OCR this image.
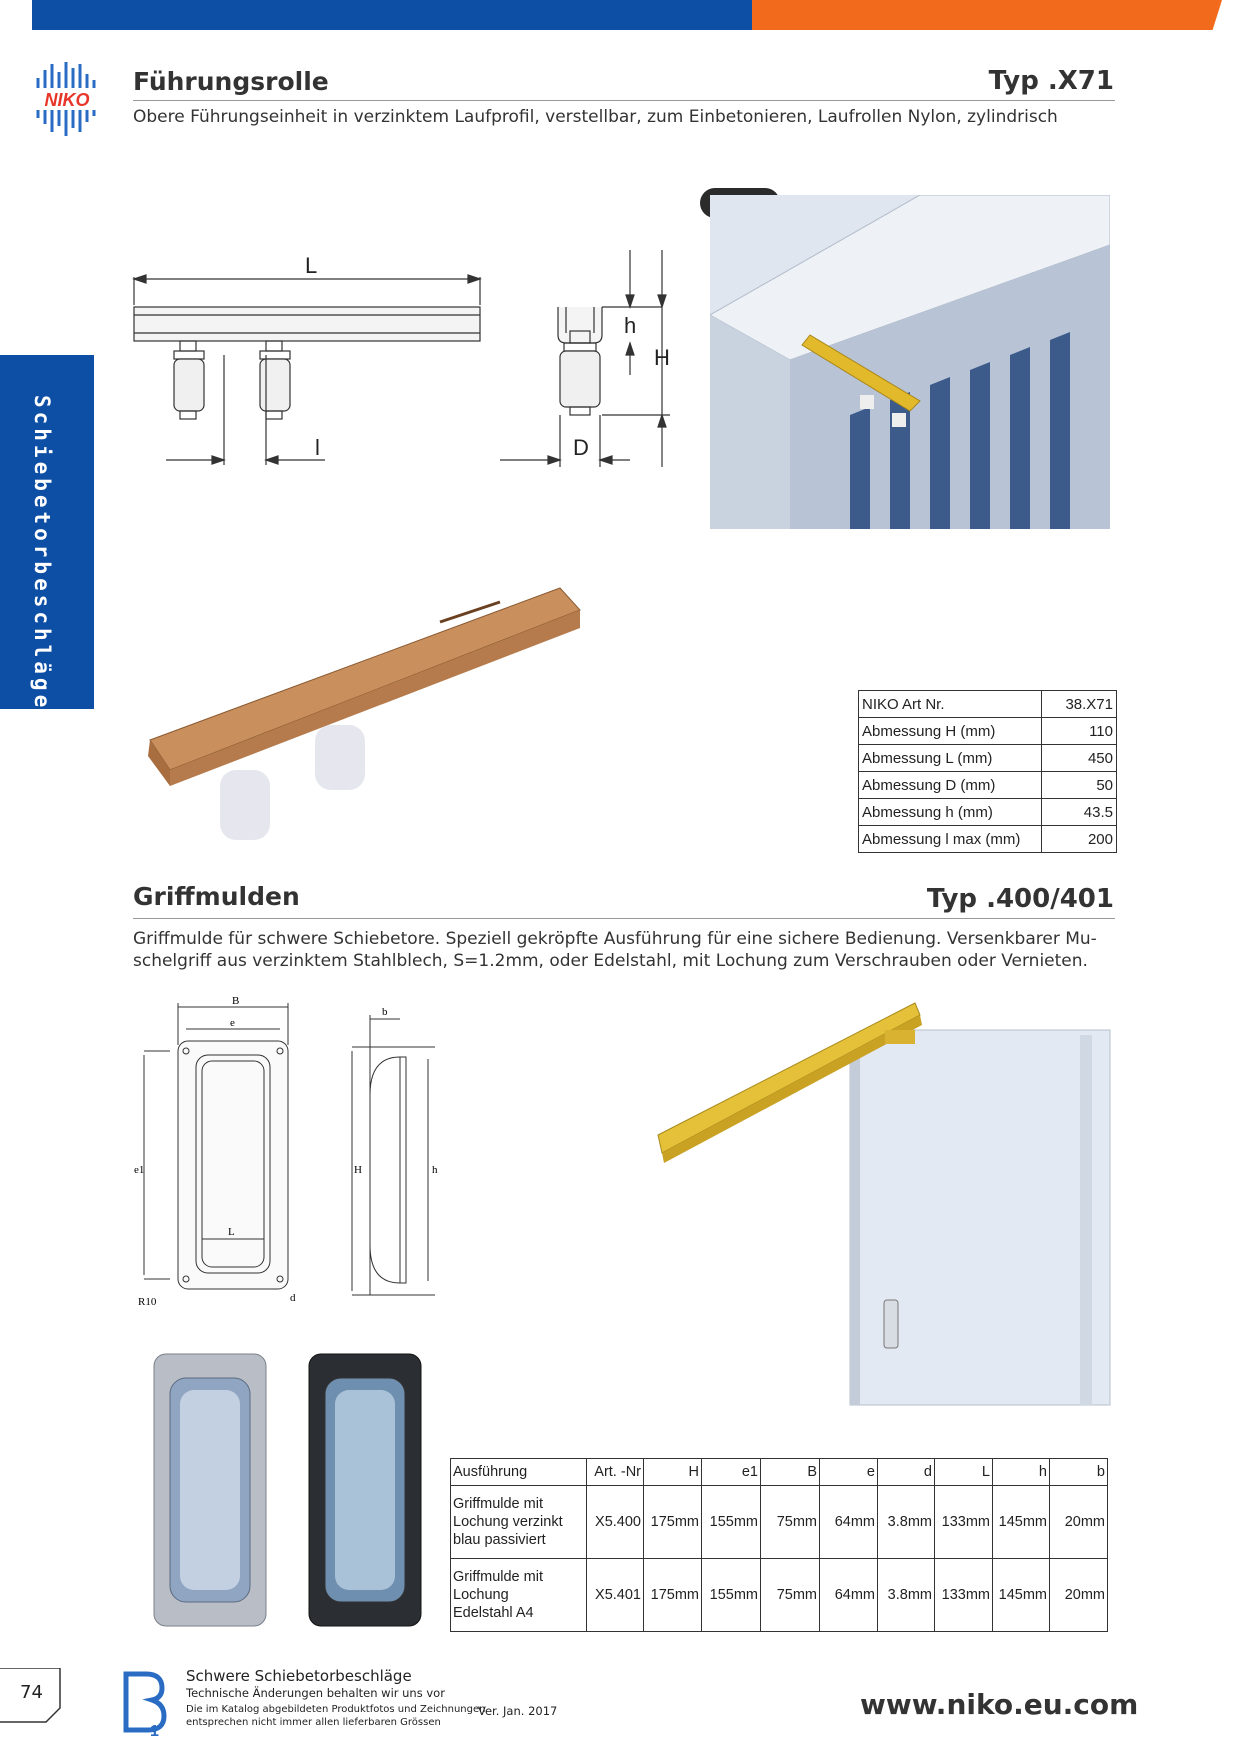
NIKO
Schiebetorbeschläge
Führungsrolle	Typ .X71
Obere Führungseinheit in verzinktem Laufprofil, verstellbar, zum Einbetonieren, Laufrollen Nylon, zylindrisch
L
l
h
H
D
NIKO Art Nr.	38.X71
Abmessung H (mm)	110
Abmessung L (mm)	450
Abmessung D (mm)	50
Abmessung h (mm)	43.5
Abmessung l max (mm)	200
Griffmulden	Typ .400/401
Griffmulde für schwere Schiebetore. Speziell gekröpfte Ausführung für eine sichere Bedienung. Versenkbarer Mu-
schelgriff aus verzinktem Stahlblech, S=1.2mm, oder Edelstahl, mit Lochung zum Verschrauben oder Vernieten.
B
e
e1
L
R10	d
b
H	h
Ausführung	Art. -Nr	H	e1	B	e	d	L	h	b

Griffmulde mit
Lochung verzinkt
blau passiviert	X5.400	175mm	155mm	75mm	64mm	3.8mm	133mm	145mm	20mm

Griffmulde mit
Lochung
Edelstahl A4	X5.401	175mm	155mm	75mm	64mm	3.8mm	133mm	145mm	20mm
74
1
Schwere Schiebetorbeschläge
Technische Änderungen behalten wir uns vor
Die im Katalog abgebildeten Produktfotos und Zeichnungen
entsprechen nicht immer allen lieferbaren Grössen
Ver. Jan. 2017	www.niko.eu.com
